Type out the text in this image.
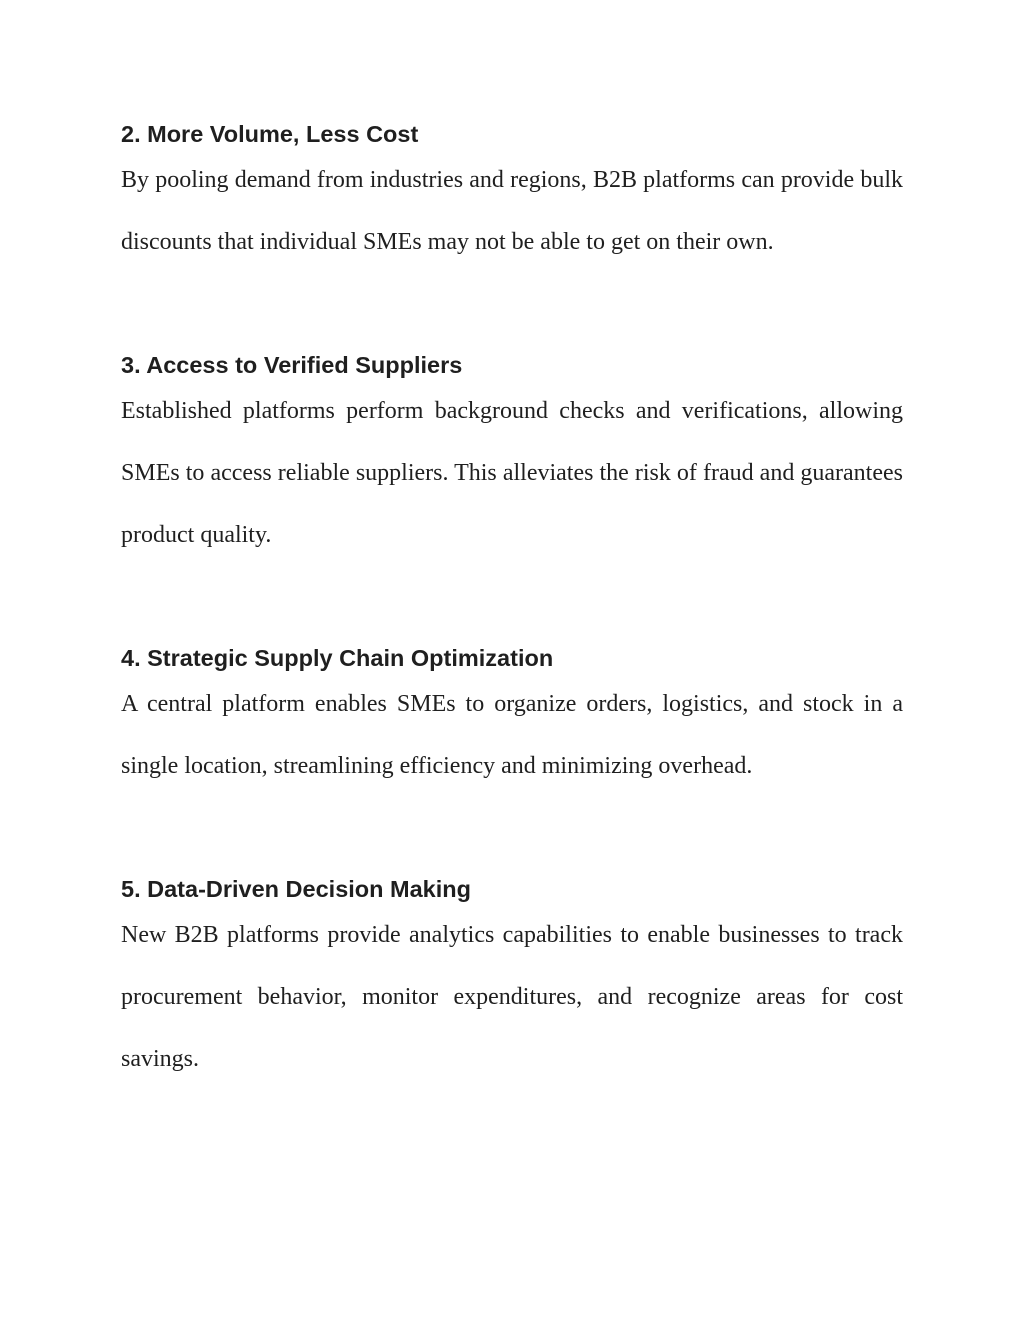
2. More Volume, Less Cost

By pooling demand from industries and regions, B2B platforms can provide bulk discounts that individual SMEs may not be able to get on their own.

3. Access to Verified Suppliers

Established platforms perform background checks and verifications, allowing SMEs to access reliable suppliers. This alleviates the risk of fraud and guarantees product quality.

4. Strategic Supply Chain Optimization

A central platform enables SMEs to organize orders, logistics, and stock in a single location, streamlining efficiency and minimizing overhead.

5. Data-Driven Decision Making

New B2B platforms provide analytics capabilities to enable businesses to track procurement behavior, monitor expenditures, and recognize areas for cost savings.
